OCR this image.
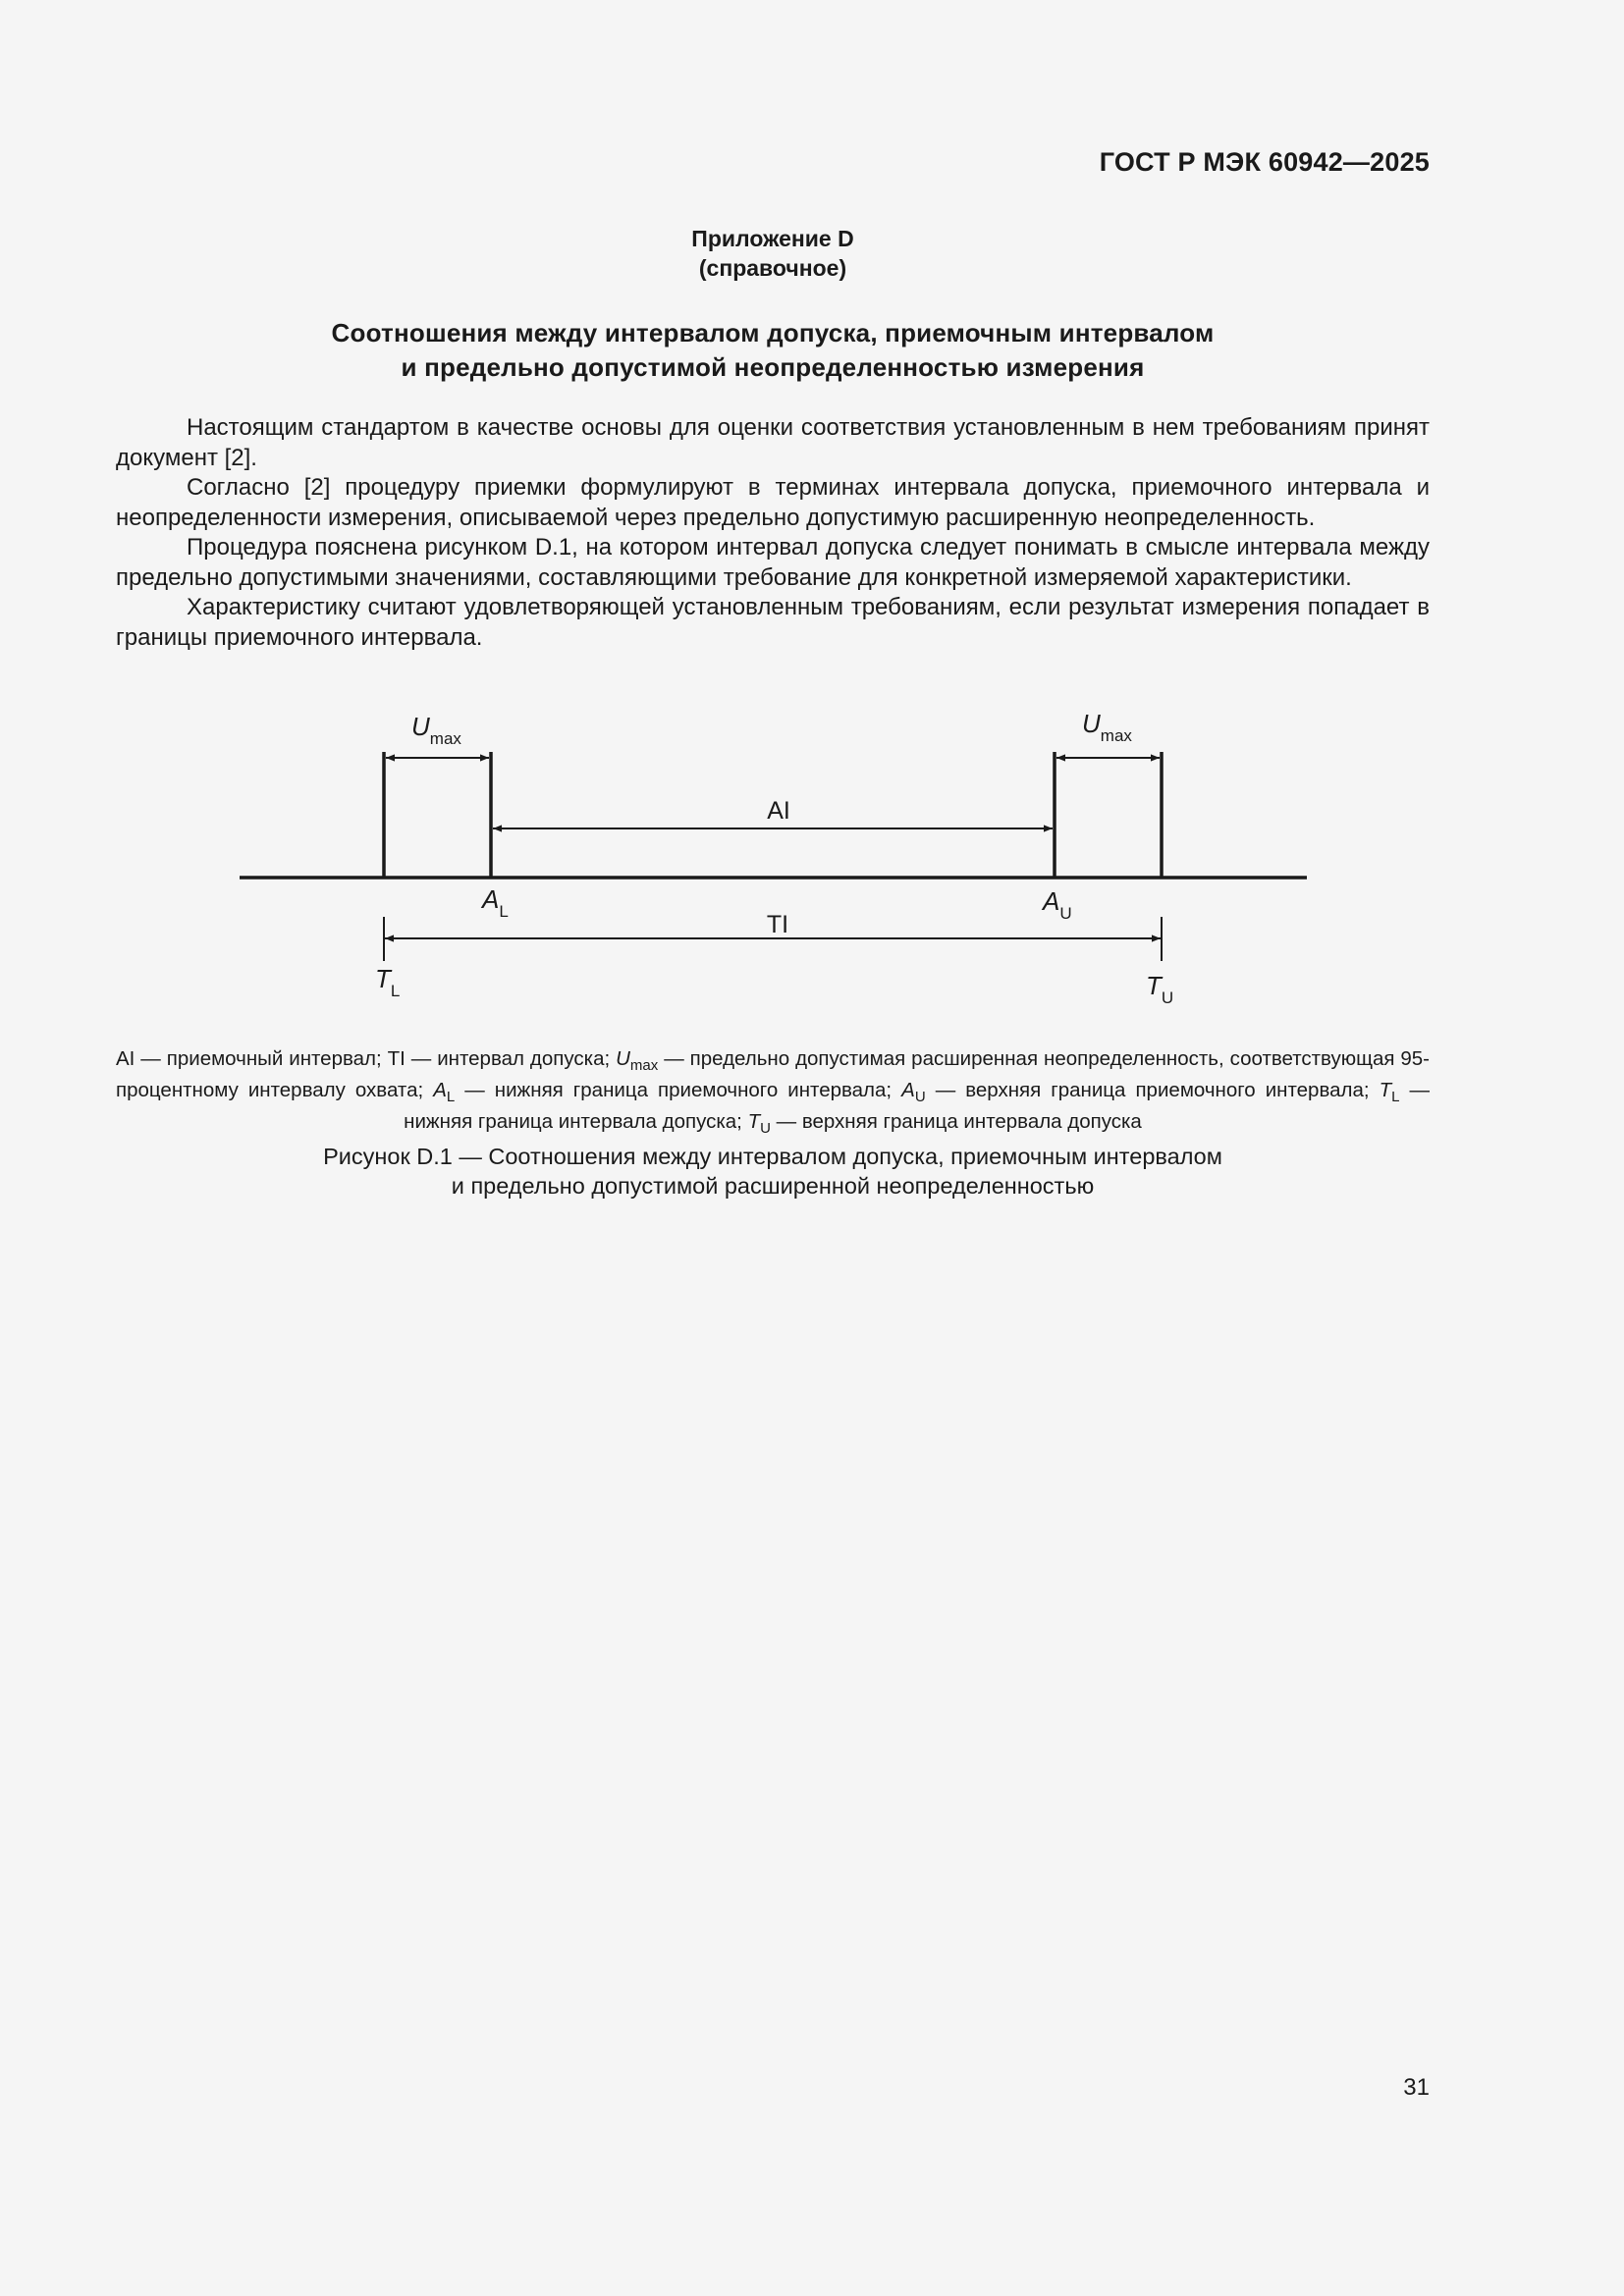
ГОСТ Р МЭК 60942—2025
Приложение D
(справочное)
Соотношения между интервалом допуска, приемочным интервалом
и предельно допустимой неопределенностью измерения

Настоящим стандартом в качестве основы для оценки соответствия установленным в нем требованиям принят документ [2].

Согласно [2] процедуру приемки формулируют в терминах интервала допуска, приемочного интервала и неопределенности измерения, описываемой через предельно допустимую расширенную неопределенность.

Процедура пояснена рисунком D.1, на котором интервал допуска следует понимать в смысле интервала между предельно допустимыми значениями, составляющими требование для конкретной измеряемой характеристики.

Характеристику считают удовлетворяющей установленным требованиям, если результат измерения попадает в границы приемочного интервала.

$U_{max}$
$U_{max}$
AI
TI
$A_L$	$A_U$
$T_L$	$T_U$
AI — приемочный интервал; TI — интервал допуска; $U_{max}$ — предельно допустимая расширенная неопределенность, соответствующая 95-процентному интервалу охвата; $A_L$ — нижняя граница приемочного интервала; $A_U$ — верхняя граница приемочного интервала; $T_L$ — нижняя граница интервала допуска; $T_U$ — верхняя граница интервала допуска
Рисунок D.1 — Соотношения между интервалом допуска, приемочным интервалом
и предельно допустимой расширенной неопределенностью
31
